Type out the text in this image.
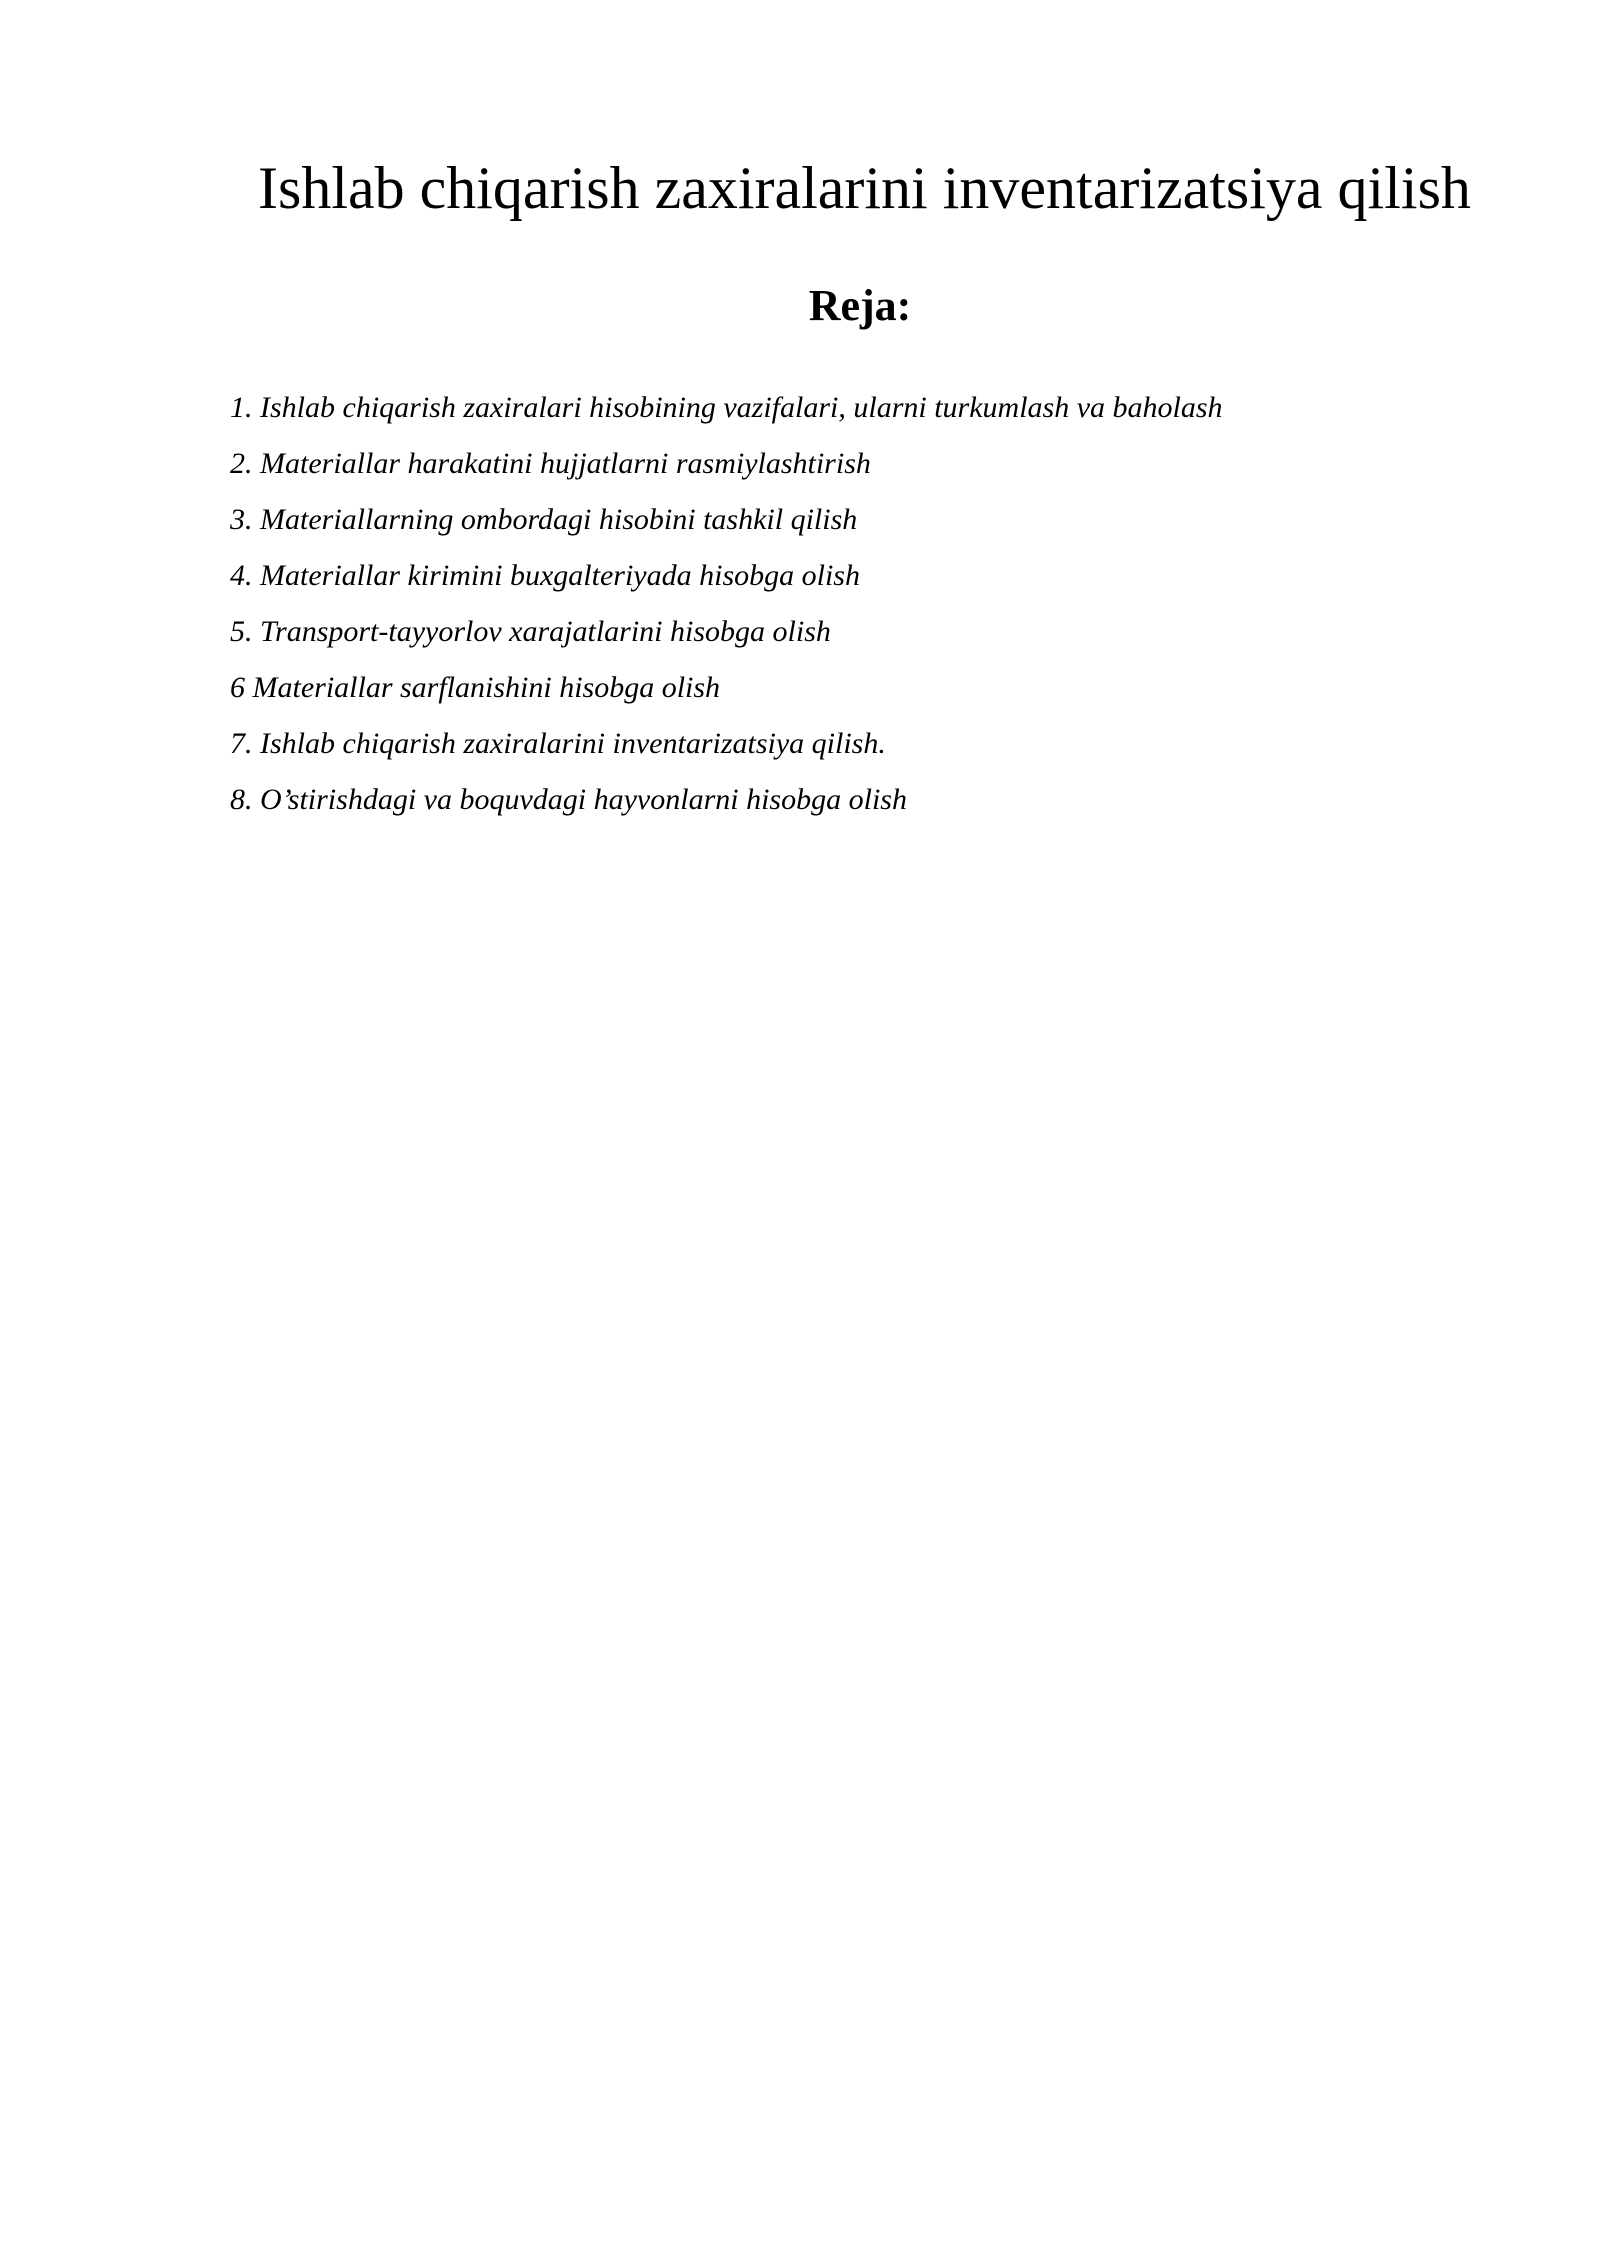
Ishlab chiqarish zaxiralarini inventarizatsiya qilish
Reja:
1. Ishlab chiqarish zaxiralari hisobining vazifalari, ularni turkumlash va baholash
2. Materiallar harakatini hujjatlarni rasmiylashtirish
3. Materiallarning ombordagi hisobini tashkil qilish
4. Materiallar kirimini buxgalteriyada hisobga olish
5. Transport-tayyorlov xarajatlarini hisobga olish
6 Materiallar sarflanishini hisobga olish
7. Ishlab chiqarish zaxiralarini inventarizatsiya qilish.
8. O’stirishdagi va boquvdagi hayvonlarni hisobga olish
